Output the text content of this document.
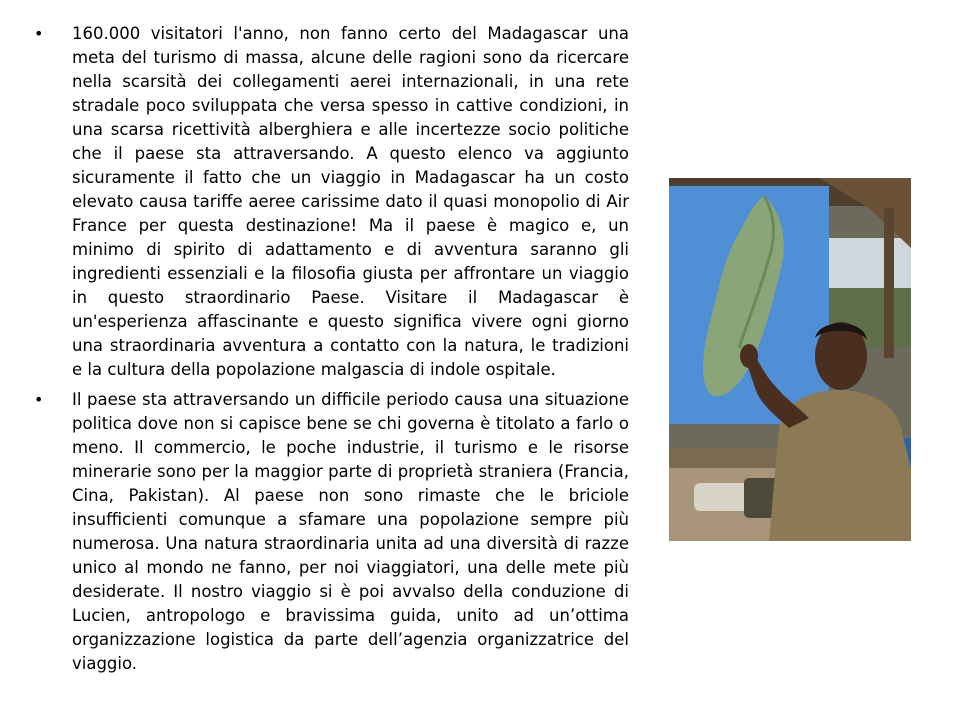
• 160.000 visitatori l'anno, non fanno certo del Madagascar una meta del turismo di massa, alcune delle ragioni sono da ricercare nella scarsità dei collegamenti aerei internazionali, in una rete stradale poco sviluppata che versa spesso in cattive condizioni, in una scarsa ricettività alberghiera e alle incertezze socio politiche che il paese sta attraversando. A questo elenco va aggiunto sicuramente il fatto che un viaggio in Madagascar ha un costo elevato causa tariffe aeree carissime dato il quasi monopolio di Air France per questa destinazione! Ma il paese è magico e, un minimo di spirito di adattamento e di avventura saranno gli ingredienti essenziali e la filosofia giusta per affrontare un viaggio in questo straordinario Paese. Visitare il Madagascar è un'esperienza affascinante e questo significa vivere ogni giorno una straordinaria avventura a contatto con la natura, le tradizioni e la cultura della popolazione malgascia di indole ospitale.
• Il paese sta attraversando un difficile periodo causa una situazione politica dove non si capisce bene se chi governa è titolato a farlo o meno. Il commercio, le poche industrie, il turismo e le risorse minerarie sono per la maggior parte di proprietà straniera (Francia, Cina, Pakistan). Al paese non sono rimaste che le briciole insufficienti comunque a sfamare una popolazione sempre più numerosa. Una natura straordinaria unita ad una diversità di razze unico al mondo ne fanno, per noi viaggiatori, una delle mete più desiderate. Il nostro viaggio si è poi avvalso della conduzione di Lucien, antropologo e bravissima guida, unito ad un’ottima organizzazione logistica da parte dell’agenzia organizzatrice del viaggio.
